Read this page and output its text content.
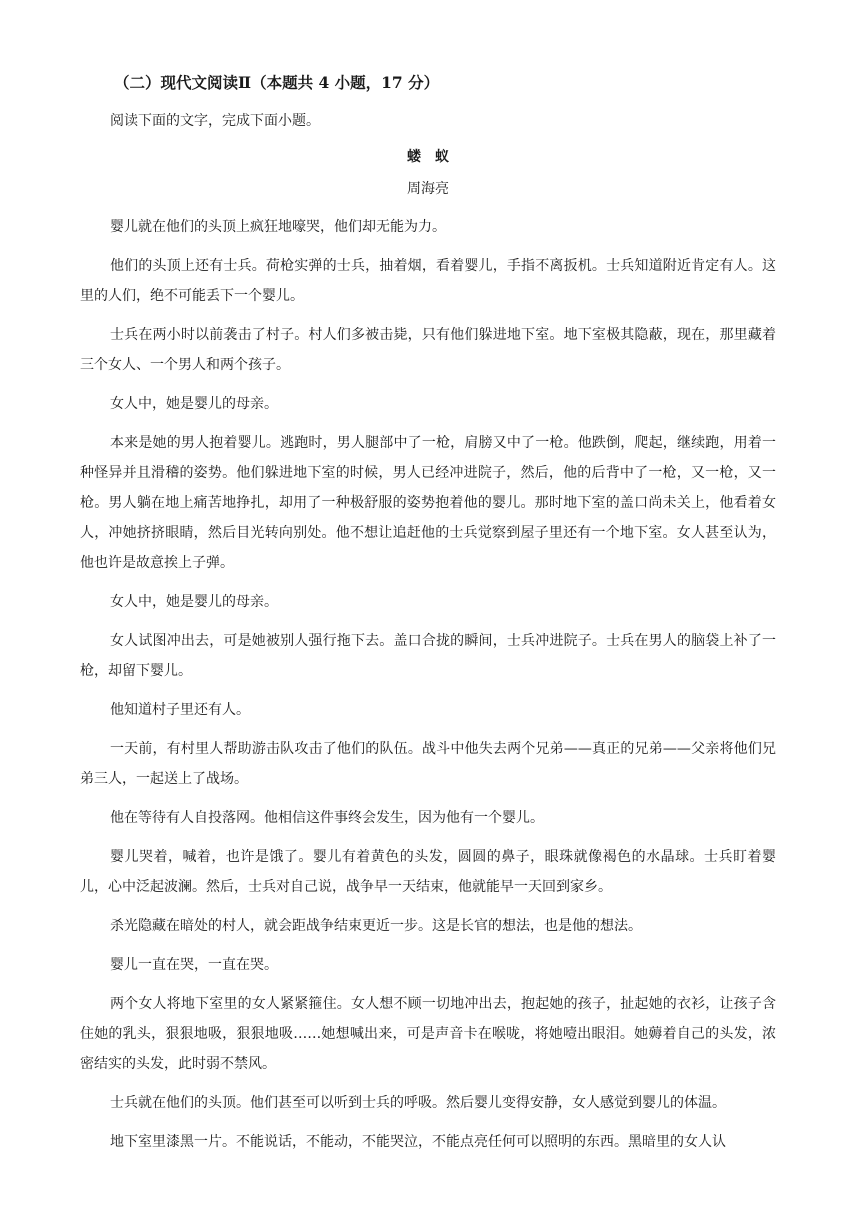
（二）现代文阅读Ⅱ（本题共 4 小题，17 分）
阅读下面的文字，完成下面小题。
蝼蚁
周海亮

婴儿就在他们的头顶上疯狂地嚎哭，他们却无能为力。

他们的头顶上还有士兵。荷枪实弹的士兵，抽着烟，看着婴儿，手指不离扳机。士兵知道附近肯定有人。这里的人们，绝不可能丢下一个婴儿。

士兵在两小时以前袭击了村子。村人们多被击毙，只有他们躲进地下室。地下室极其隐蔽，现在，那里藏着三个女人、一个男人和两个孩子。

女人中，她是婴儿的母亲。

本来是她的男人抱着婴儿。逃跑时，男人腿部中了一枪，肩膀又中了一枪。他跌倒，爬起，继续跑，用着一种怪异并且滑稽的姿势。他们躲进地下室的时候，男人已经冲进院子，然后，他的后背中了一枪，又一枪，又一枪。男人躺在地上痛苦地挣扎，却用了一种极舒服的姿势抱着他的婴儿。那时地下室的盖口尚未关上，他看着女人，冲她挤挤眼睛，然后目光转向别处。他不想让追赶他的士兵觉察到屋子里还有一个地下室。女人甚至认为，他也许是故意挨上子弹。

女人中，她是婴儿的母亲。

女人试图冲出去，可是她被别人强行拖下去。盖口合拢的瞬间，士兵冲进院子。士兵在男人的脑袋上补了一枪，却留下婴儿。

他知道村子里还有人。

一天前，有村里人帮助游击队攻击了他们的队伍。战斗中他失去两个兄弟——真正的兄弟——父亲将他们兄弟三人，一起送上了战场。

他在等待有人自投落网。他相信这件事终会发生，因为他有一个婴儿。

婴儿哭着，喊着，也许是饿了。婴儿有着黄色的头发，圆圆的鼻子，眼珠就像褐色的水晶球。士兵盯着婴儿，心中泛起波澜。然后，士兵对自己说，战争早一天结束，他就能早一天回到家乡。

杀光隐藏在暗处的村人，就会距战争结束更近一步。这是长官的想法，也是他的想法。

婴儿一直在哭，一直在哭。

两个女人将地下室里的女人紧紧箍住。女人想不顾一切地冲出去，抱起她的孩子，扯起她的衣衫，让孩子含住她的乳头，狠狠地吸，狠狠地吸……她想喊出来，可是声音卡在喉咙，将她噎出眼泪。她薅着自己的头发，浓密结实的头发，此时弱不禁风。

士兵就在他们的头顶。他们甚至可以听到士兵的呼吸。然后婴儿变得安静，女人感觉到婴儿的体温。

地下室里漆黑一片。不能说话，不能动，不能哭泣，不能点亮任何可以照明的东西。黑暗里的女人认
